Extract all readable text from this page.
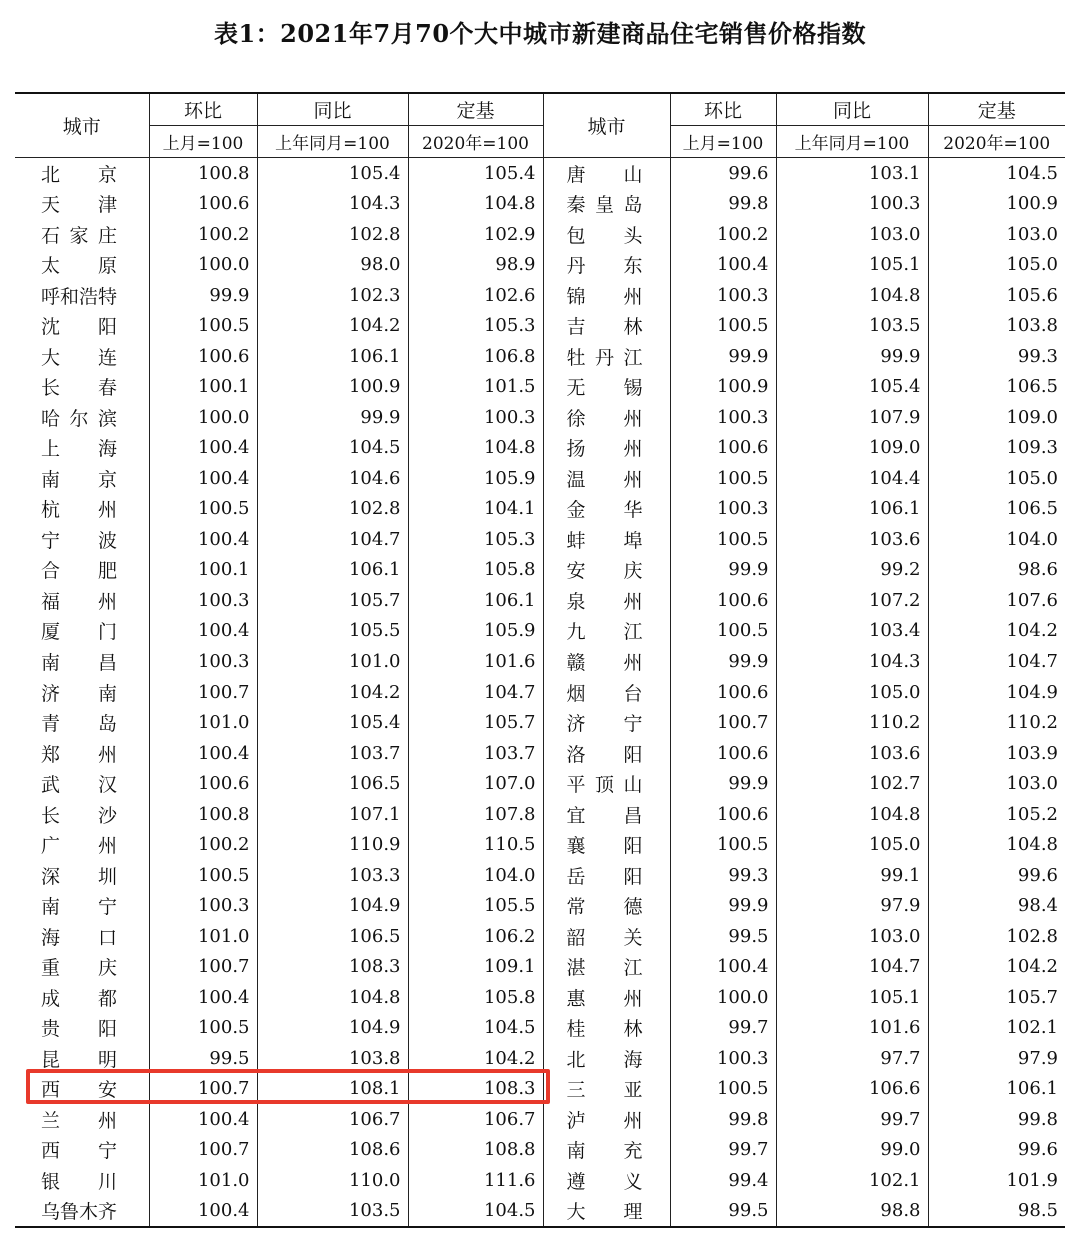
表1：2021年7月70个大中城市新建商品住宅销售价格指数
城市	环比	同比	定基	城市	环比	同比	定基
	上月=100	上年同月=100	2020年=100		上月=100	上年同月=100	2020年=100
北 京	100.8	105.4	105.4	唐 山	99.6	103.1	104.5
天 津	100.6	104.3	104.8	秦皇岛	99.8	100.3	100.9
石家庄	100.2	102.8	102.9	包 头	100.2	103.0	103.0
太 原	100.0	98.0	98.9	丹 东	100.4	105.1	105.0
呼和浩特	99.9	102.3	102.6	锦 州	100.3	104.8	105.6
沈 阳	100.5	104.2	105.3	吉 林	100.5	103.5	103.8
大 连	100.6	106.1	106.8	牡丹江	99.9	99.9	99.3
长 春	100.1	100.9	101.5	无 锡	100.9	105.4	106.5
哈尔滨	100.0	99.9	100.3	徐 州	100.3	107.9	109.0
上 海	100.4	104.5	104.8	扬 州	100.6	109.0	109.3
南 京	100.4	104.6	105.9	温 州	100.5	104.4	105.0
杭 州	100.5	102.8	104.1	金 华	100.3	106.1	106.5
宁 波	100.4	104.7	105.3	蚌 埠	100.5	103.6	104.0
合 肥	100.1	106.1	105.8	安 庆	99.9	99.2	98.6
福 州	100.3	105.7	106.1	泉 州	100.6	107.2	107.6
厦 门	100.4	105.5	105.9	九 江	100.5	103.4	104.2
南 昌	100.3	101.0	101.6	赣 州	99.9	104.3	104.7
济 南	100.7	104.2	104.7	烟 台	100.6	105.0	104.9
青 岛	101.0	105.4	105.7	济 宁	100.7	110.2	110.2
郑 州	100.4	103.7	103.7	洛 阳	100.6	103.6	103.9
武 汉	100.6	106.5	107.0	平顶山	99.9	102.7	103.0
长 沙	100.8	107.1	107.8	宜 昌	100.6	104.8	105.2
广 州	100.2	110.9	110.5	襄 阳	100.5	105.0	104.8
深 圳	100.5	103.3	104.0	岳 阳	99.3	99.1	99.6
南 宁	100.3	104.9	105.5	常 德	99.9	97.9	98.4
海 口	101.0	106.5	106.2	韶 关	99.5	103.0	102.8
重 庆	100.7	108.3	109.1	湛 江	100.4	104.7	104.2
成 都	100.4	104.8	105.8	惠 州	100.0	105.1	105.7
贵 阳	100.5	104.9	104.5	桂 林	99.7	101.6	102.1
昆 明	99.5	103.8	104.2	北 海	100.3	97.7	97.9
西 安	100.7	108.1	108.3	三 亚	100.5	106.6	106.1
兰 州	100.4	106.7	106.7	泸 州	99.8	99.7	99.8
西 宁	100.7	108.6	108.8	南 充	99.7	99.0	99.6
银 川	101.0	110.0	111.6	遵 义	99.4	102.1	101.9
乌鲁木齐	100.4	103.5	104.5	大 理	99.5	98.8	98.5
